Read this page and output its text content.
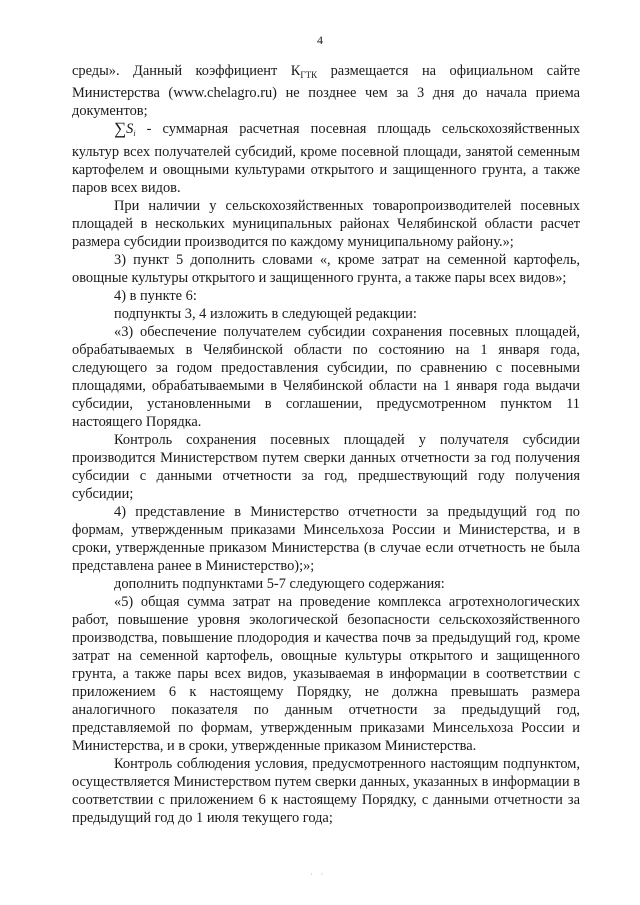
4

среды». Данный коэффициент $К_{ГТК}$ размещается на официальном сайте Министерства (www.chelagro.ru) не позднее чем за 3 дня до начала приема документов;

$\sum S_i$ - суммарная расчетная посевная площадь сельскохозяйственных культур всех получателей субсидий, кроме посевной площади, занятой семенным картофелем и овощными культурами открытого и защищенного грунта, а также паров всех видов.

При наличии у сельскохозяйственных товаропроизводителей посевных площадей в нескольких муниципальных районах Челябинской области расчет размера субсидии производится по каждому муниципальному району.»;

3) пункт 5 дополнить словами «, кроме затрат на семенной картофель, овощные культуры открытого и защищенного грунта, а также пары всех видов»;

4) в пункте 6:

подпункты 3, 4 изложить в следующей редакции:

«3) обеспечение получателем субсидии сохранения посевных площадей, обрабатываемых в Челябинской области по состоянию на 1 января года, следующего за годом предоставления субсидии, по сравнению с посевными площадями, обрабатываемыми в Челябинской области на 1 января года выдачи субсидии, установленными в соглашении, предусмотренном пунктом 11 настоящего Порядка.

Контроль сохранения посевных площадей у получателя субсидии производится Министерством путем сверки данных отчетности за год получения субсидии с данными отчетности за год, предшествующий году получения субсидии;

4) представление в Министерство отчетности за предыдущий год по формам, утвержденным приказами Минсельхоза России и Министерства, и в сроки, утвержденные приказом Министерства (в случае если отчетность не была представлена ранее в Министерство);»;

дополнить подпунктами 5-7 следующего содержания:

«5) общая сумма затрат на проведение комплекса агротехнологических работ, повышение уровня экологической безопасности сельскохозяйственного производства, повышение плодородия и качества почв за предыдущий год, кроме затрат на семенной картофель, овощные культуры открытого и защищенного грунта, а также пары всех видов, указываемая в информации в соответствии с приложением 6 к настоящему Порядку, не должна превышать размера аналогичного показателя по данным отчетности за предыдущий год, представляемой по формам, утвержденным приказами Минсельхоза России и Министерства, и в сроки, утвержденные приказом Министерства.

Контроль соблюдения условия, предусмотренного настоящим подпунктом, осуществляется Министерством путем сверки данных, указанных в информации в соответствии с приложением 6 к настоящему Порядку, с данными отчетности за предыдущий год до 1 июля текущего года;

· ·
